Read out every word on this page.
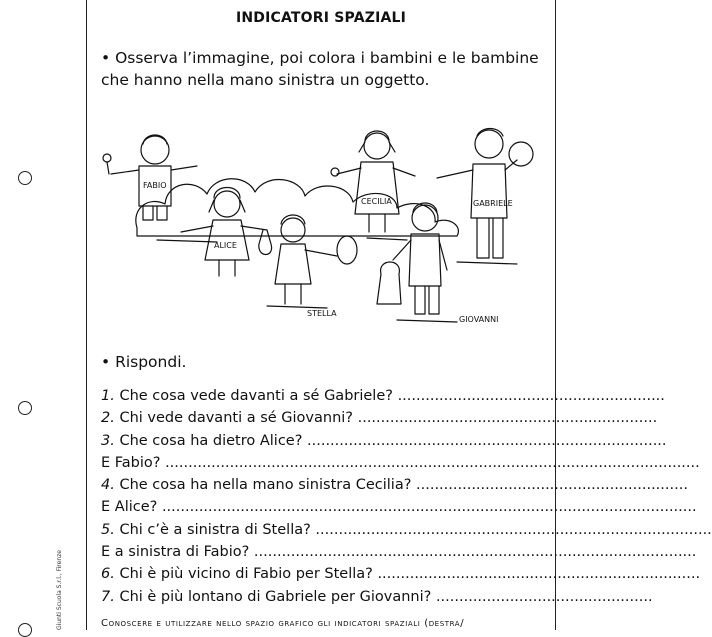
Giunti Scuola S.r.l., Firenze
INDICATORI SPAZIALI
• Osserva l’immagine, poi colora i bambini e le bambine che hanno nella mano sinistra un oggetto.
FABIO
ALICE
STELLA
CECILIA	GABRIELE
GIOVANNI
• Rispondi.
1. Che cosa vede davanti a sé Gabriele? ..........................................................
2. Chi vede davanti a sé Giovanni? .................................................................
3. Che cosa ha dietro Alice? ..............................................................................
E Fabio? ....................................................................................................................
4. Che cosa ha nella mano sinistra Cecilia? ...........................................................
E Alice? ....................................................................................................................
5. Chi c’è a sinistra di Stella? ......................................................................................
E a sinistra di Fabio? ................................................................................................
6. Chi è più vicino di Fabio per Stella? ......................................................................
7. Chi è più lontano di Gabriele per Giovanni? ...............................................
Conoscere e utilizzare nello spazio grafico gli indicatori spaziali (destra/
